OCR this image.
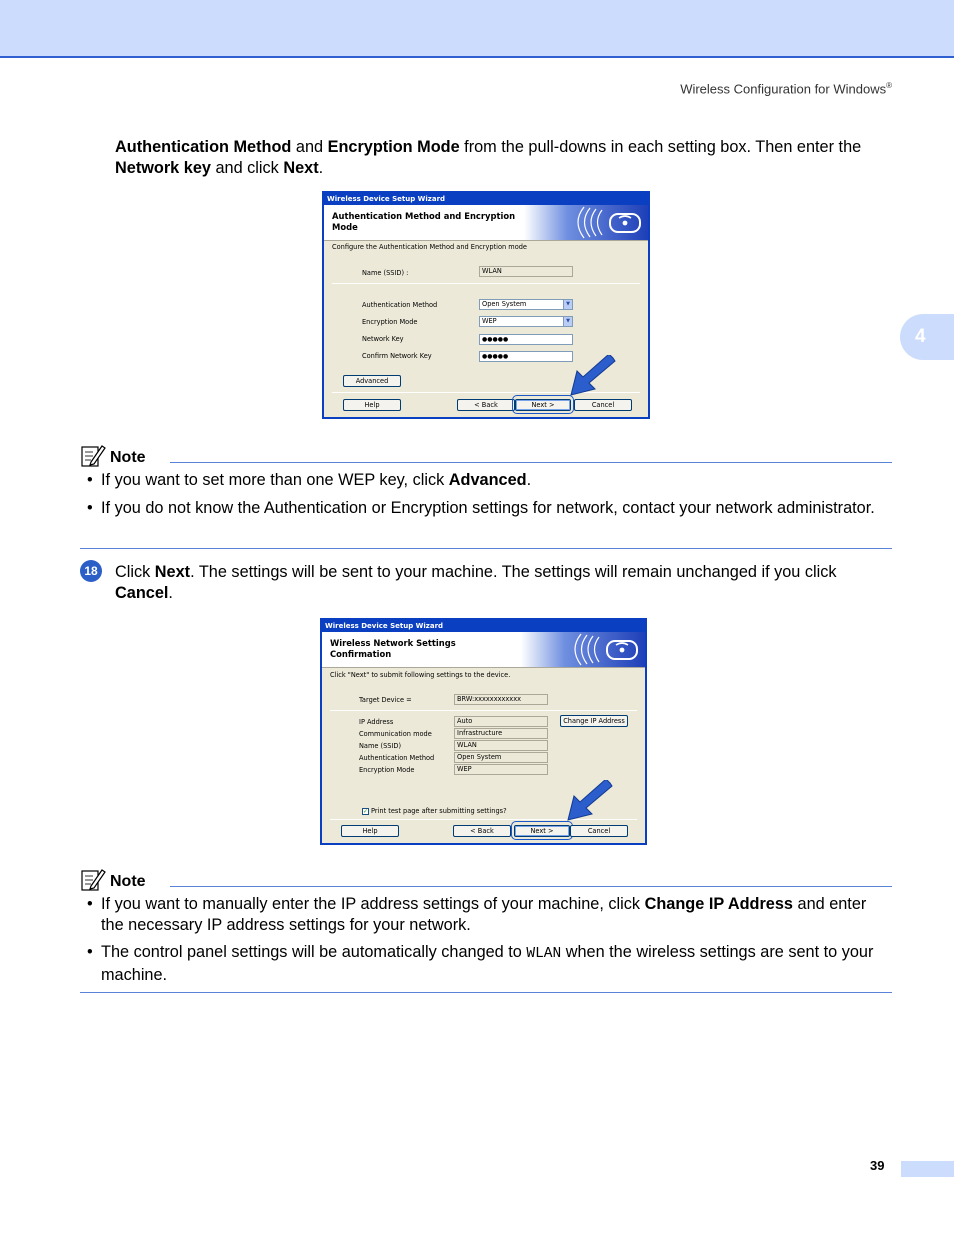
Wireless Configuration for Windows®
4
Authentication Method and Encryption Mode from the pull-downs in each setting box. Then enter the Network key and click Next.
Wireless Device Setup Wizard
Authentication Method and Encryption
Mode
Configure the Authentication Method and Encryption mode
Name (SSID) :	WLAN
Authentication Method	Open System	▼
Encryption Mode	WEP	▼
Network Key	●●●●●
Confirm Network Key	●●●●●
Advanced
Help	< Back	Next >	Cancel
Note
• If you want to set more than one WEP key, click Advanced.
• If you do not know the Authentication or Encryption settings for network, contact your network administrator.
18 Click Next. The settings will be sent to your machine. The settings will remain unchanged if you click Cancel.
Wireless Device Setup Wizard
Wireless Network Settings
Confirmation
Click "Next" to submit following settings to the device.
Target Device =	BRW:xxxxxxxxxxxx
IP Address	Auto
Communication mode	Infrastructure
Name (SSID)	WLAN
Authentication Method	Open System
Encryption Mode	WEP
Change IP Address
✓ Print test page after submitting settings?
Help	< Back	Next >	Cancel
Note
• If you want to manually enter the IP address settings of your machine, click Change IP Address and enter the necessary IP address settings for your network.
• The control panel settings will be automatically changed to WLAN when the wireless settings are sent to your machine.
39
